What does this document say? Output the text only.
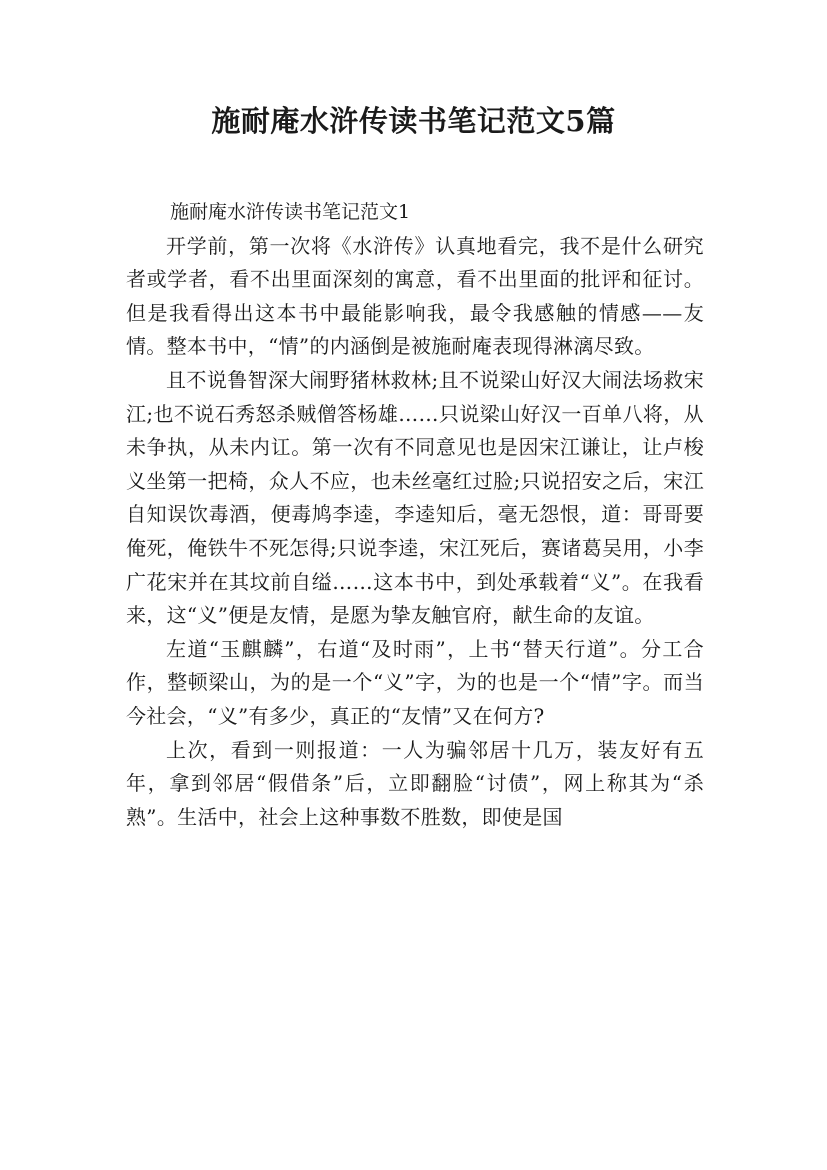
施耐庵水浒传读书笔记范文5篇

施耐庵水浒传读书笔记范文1

开学前，第一次将《水浒传》认真地看完，我不是什么研究者或学者，看不出里面深刻的寓意，看不出里面的批评和征讨。但是我看得出这本书中最能影响我，最令我感触的情感——友情。整本书中，“情”的内涵倒是被施耐庵表现得淋漓尽致。

且不说鲁智深大闹野猪林救林;且不说梁山好汉大闹法场救宋江;也不说石秀怒杀贼僧答杨雄……只说梁山好汉一百单八将，从未争执，从未内讧。第一次有不同意见也是因宋江谦让，让卢梭义坐第一把椅，众人不应，也未丝毫红过脸;只说招安之后，宋江自知误饮毒酒，便毒鸠李逵，李逵知后，毫无怨恨，道：哥哥要俺死，俺铁牛不死怎得;只说李逵，宋江死后，赛诸葛吴用，小李广花宋并在其坟前自缢……这本书中，到处承载着“义”。在我看来，这“义”便是友情，是愿为挚友触官府，献生命的友谊。

左道“玉麒麟”，右道“及时雨”，上书“替天行道”。分工合作，整顿梁山，为的是一个“义”字，为的也是一个“情”字。而当今社会，“义”有多少，真正的“友情”又在何方?

上次，看到一则报道：一人为骗邻居十几万，装友好有五年，拿到邻居“假借条”后，立即翻脸“讨债”，网上称其为“杀熟”。生活中，社会上这种事数不胜数，即使是国
